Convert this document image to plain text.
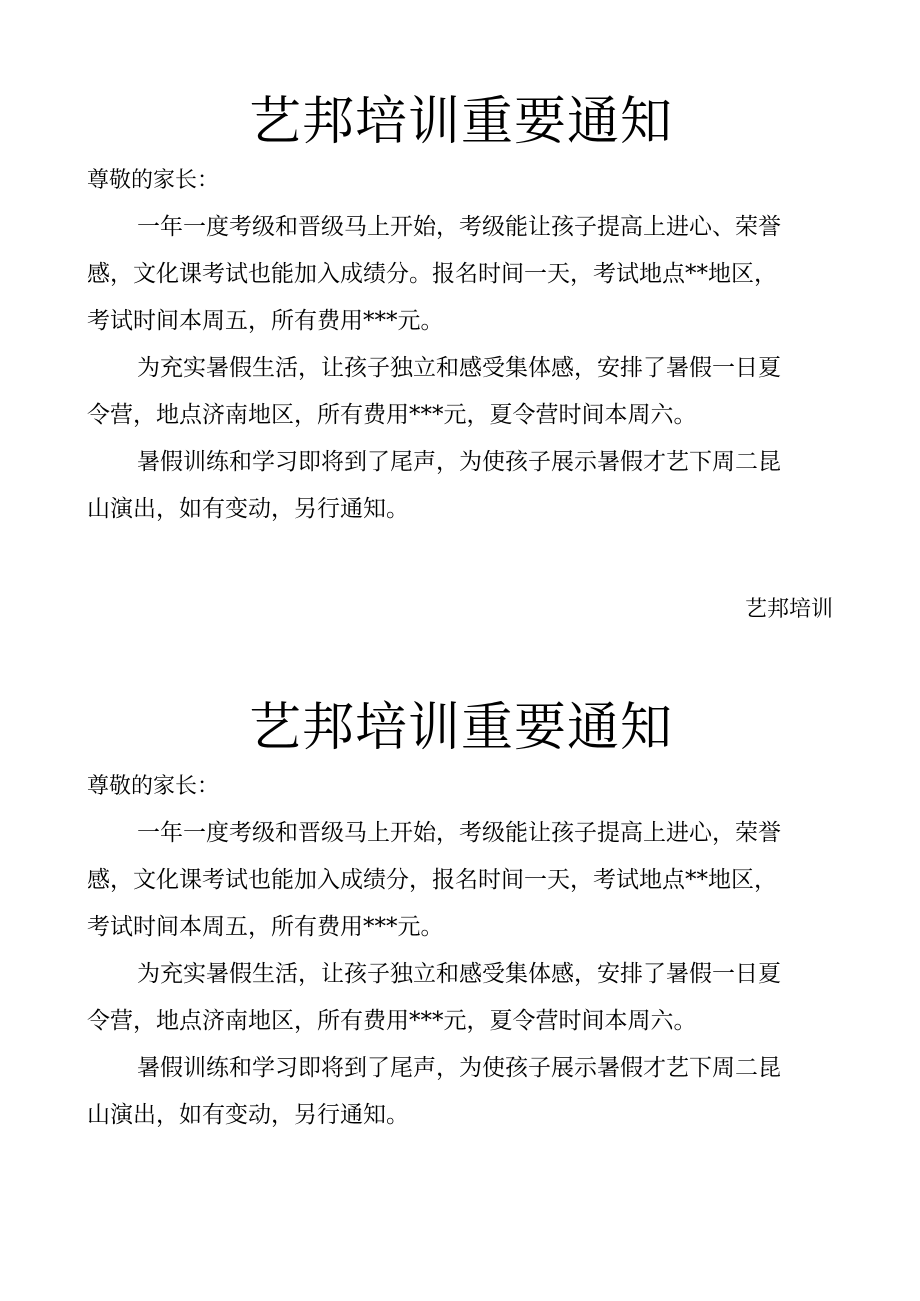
艺邦培训重要通知
尊敬的家长：
一年一度考级和晋级马上开始，考级能让孩子提高上进心、荣誉
感，文化课考试也能加入成绩分。报名时间一天，考试地点**地区，
考试时间本周五，所有费用***元。
为充实暑假生活，让孩子独立和感受集体感，安排了暑假一日夏
令营，地点济南地区，所有费用***元，夏令营时间本周六。
暑假训练和学习即将到了尾声，为使孩子展示暑假才艺下周二昆
山演出，如有变动，另行通知。
艺邦培训
艺邦培训重要通知
尊敬的家长：
一年一度考级和晋级马上开始，考级能让孩子提高上进心，荣誉
感，文化课考试也能加入成绩分，报名时间一天，考试地点**地区，
考试时间本周五，所有费用***元。
为充实暑假生活，让孩子独立和感受集体感，安排了暑假一日夏
令营，地点济南地区，所有费用***元，夏令营时间本周六。
暑假训练和学习即将到了尾声，为使孩子展示暑假才艺下周二昆
山演出，如有变动，另行通知。
